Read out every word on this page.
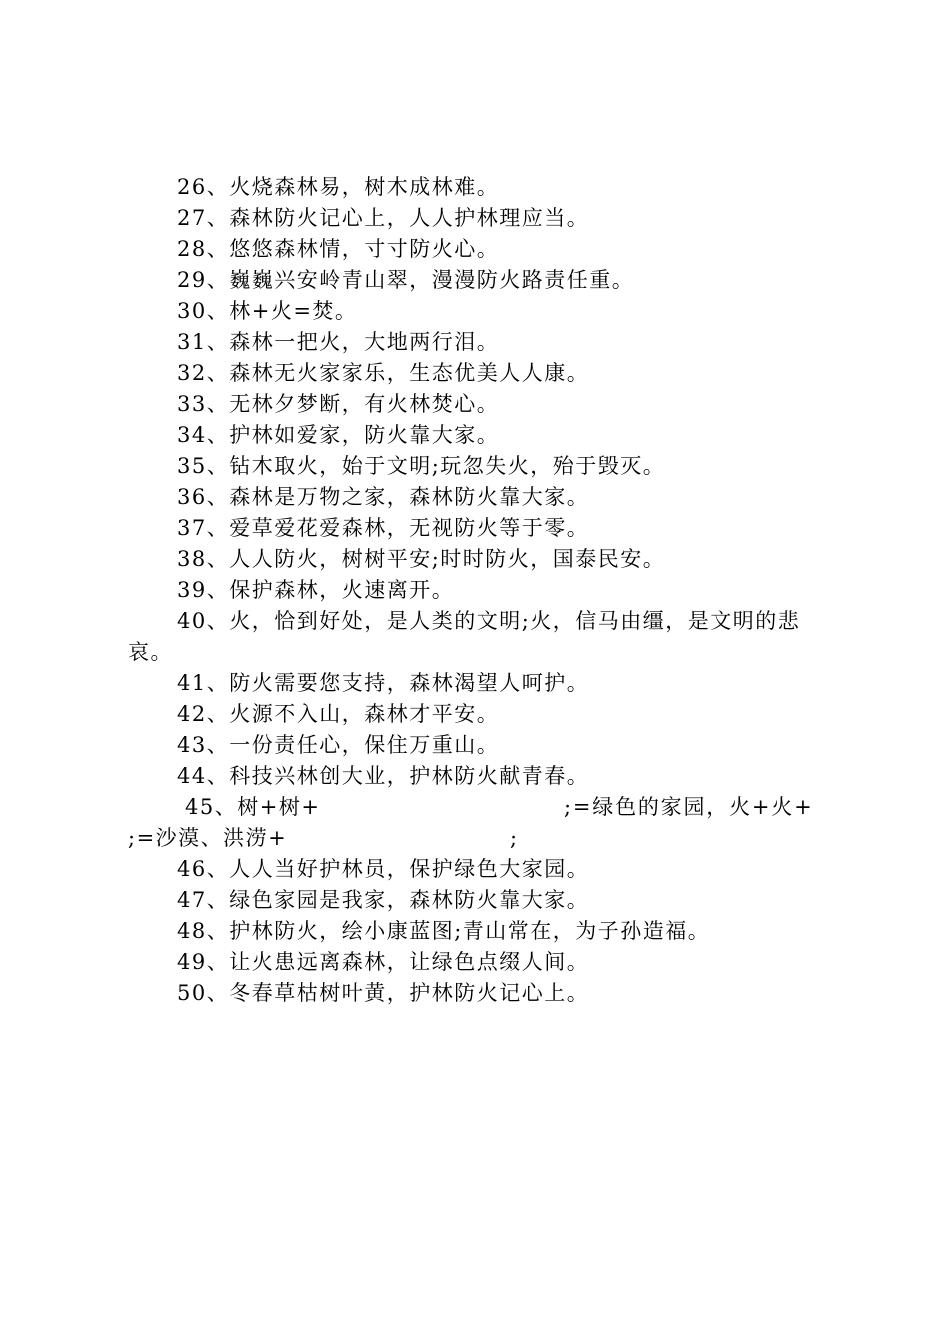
26、火烧森林易，树木成林难。
27、森林防火记心上，人人护林理应当。
28、悠悠森林情，寸寸防火心。
29、巍巍兴安岭青山翠，漫漫防火路责任重。
30、林+火=焚。
31、森林一把火，大地两行泪。
32、森林无火家家乐，生态优美人人康。
33、无林夕梦断，有火林焚心。
34、护林如爱家，防火靠大家。
35、钻木取火，始于文明;玩忽失火，殆于毁灭。
36、森林是万物之家，森林防火靠大家。
37、爱草爱花爱森林，无视防火等于零。
38、人人防火，树树平安;时时防火，国泰民安。
39、保护森林，火速离开。
40、火，恰到好处，是人类的文明;火，信马由缰，是文明的悲哀。
41、防火需要您支持，森林渴望人呵护。
42、火源不入山，森林才平安。
43、一份责任心，保住万重山。
44、科技兴林创大业，护林防火献青春。
45、树+树+	;=绿色的家园，火+火+
;=沙漠、洪涝+	;
46、人人当好护林员，保护绿色大家园。
47、绿色家园是我家，森林防火靠大家。
48、护林防火，绘小康蓝图;青山常在，为子孙造福。
49、让火患远离森林，让绿色点缀人间。
50、冬春草枯树叶黄，护林防火记心上。
